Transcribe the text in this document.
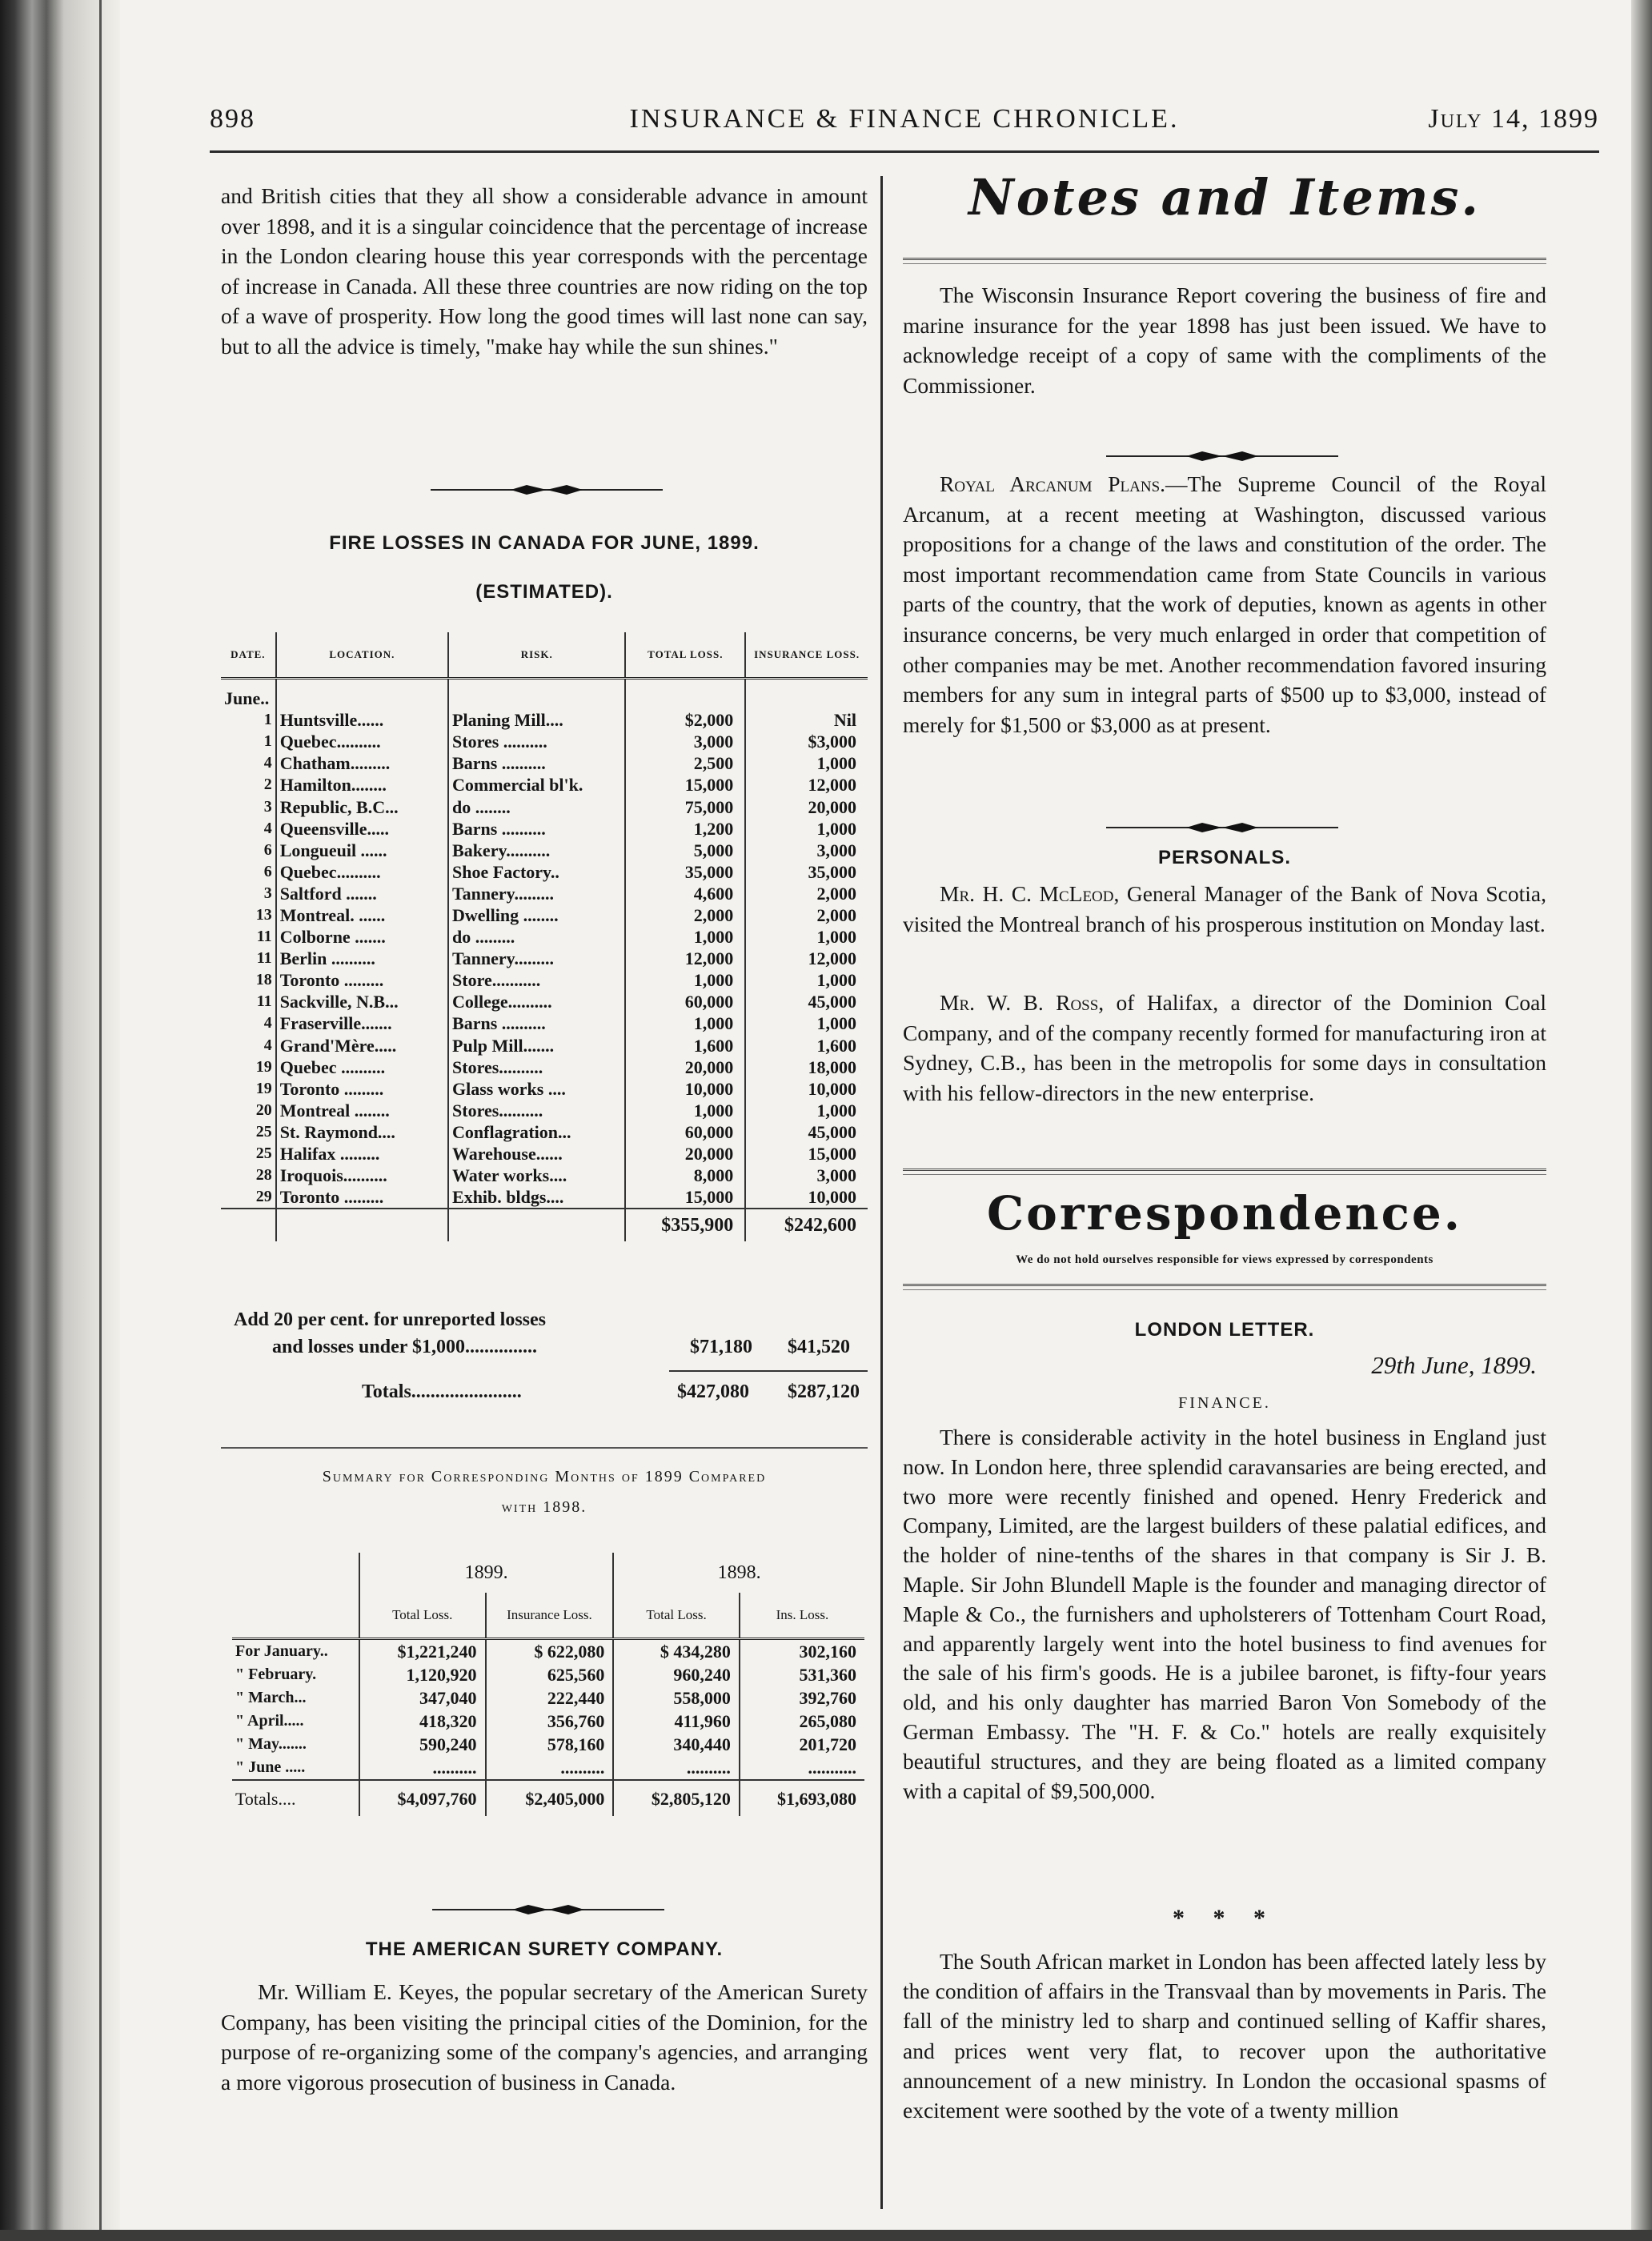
898	INSURANCE & FINANCE CHRONICLE.	July 14, 1899
and British cities that they all show a considerable advance in amount over 1898, and it is a singular coincidence that the percentage of increase in the London clearing house this year corresponds with the percentage of increase in Canada. All these three countries are now riding on the top of a wave of prosperity. How long the good times will last none can say, but to all the advice is timely, "make hay while the sun shines."
FIRE LOSSES IN CANADA FOR JUNE, 1899.
(ESTIMATED).
DATE.	LOCATION.	RISK.	TOTAL LOSS.	INSURANCE LOSS.
June..				
1	Huntsville......	Planing Mill....	$2,000	Nil
1	Quebec..........	Stores ..........	3,000	$3,000
4	Chatham.........	Barns ..........	2,500	1,000
2	Hamilton........	Commercial bl'k.	15,000	12,000
3	Republic, B.C...	do ........	75,000	20,000
4	Queensville.....	Barns ..........	1,200	1,000
6	Longueuil ......	Bakery..........	5,000	3,000
6	Quebec..........	Shoe Factory..	35,000	35,000
3	Saltford .......	Tannery.........	4,600	2,000
13	Montreal. ......	Dwelling ........	2,000	2,000
11	Colborne .......	do .........	1,000	1,000
11	Berlin ..........	Tannery.........	12,000	12,000
18	Toronto .........	Store...........	1,000	1,000
11	Sackville, N.B...	College..........	60,000	45,000
4	Fraserville.......	Barns ..........	1,000	1,000
4	Grand'Mère.....	Pulp Mill.......	1,600	1,600
19	Quebec ..........	Stores..........	20,000	18,000
19	Toronto .........	Glass works ....	10,000	10,000
20	Montreal ........	Stores..........	1,000	1,000
25	St. Raymond....	Conflagration...	60,000	45,000
25	Halifax .........	Warehouse......	20,000	15,000
28	Iroquois..........	Water works....	8,000	3,000
29	Toronto .........	Exhib. bldgs....	15,000	10,000
			$355,900	$242,600
Add 20 per cent. for unreported losses
and losses under $1,000...............	$71,180 $41,520
Totals.......................	$427,080 $287,120
Summary for Corresponding Months of 1899 Compared
with 1898.
	1899.		1898.	
	Total Loss.	Insurance Loss.	Total Loss.	Ins. Loss.
For January..	$1,221,240	$ 622,080	$ 434,280	302,160
" February.	1,120,920	625,560	960,240	531,360
" March...	347,040	222,440	558,000	392,760
" April.....	418,320	356,760	411,960	265,080
" May.......	590,240	578,160	340,440	201,720
" June .....	..........	..........	..........	...........
Totals....	$4,097,760	$2,405,000	$2,805,120	$1,693,080
THE AMERICAN SURETY COMPANY.
Mr. William E. Keyes, the popular secretary of the American Surety Company, has been visiting the principal cities of the Dominion, for the purpose of re-organizing some of the company's agencies, and arranging a more vigorous prosecution of business in Canada.
Notes and Items.
The Wisconsin Insurance Report covering the business of fire and marine insurance for the year 1898 has just been issued. We have to acknowledge receipt of a copy of same with the compliments of the Commissioner.
Royal Arcanum Plans.—The Supreme Council of the Royal Arcanum, at a recent meeting at Washington, discussed various propositions for a change of the laws and constitution of the order. The most important recommendation came from State Councils in various parts of the country, that the work of deputies, known as agents in other insurance concerns, be very much enlarged in order that competition of other companies may be met. Another recommendation favored insuring members for any sum in integral parts of $500 up to $3,000, instead of merely for $1,500 or $3,000 as at present.
PERSONALS.
Mr. H. C. McLeod, General Manager of the Bank of Nova Scotia, visited the Montreal branch of his prosperous institution on Monday last.
Mr. W. B. Ross, of Halifax, a director of the Dominion Coal Company, and of the company recently formed for manufacturing iron at Sydney, C.B., has been in the metropolis for some days in consultation with his fellow-directors in the new enterprise.
Correspondence.
We do not hold ourselves responsible for views expressed by correspondents
LONDON LETTER.
29th June, 1899.
FINANCE.
There is considerable activity in the hotel business in England just now. In London here, three splendid caravansaries are being erected, and two more were recently finished and opened. Henry Frederick and Company, Limited, are the largest builders of these palatial edifices, and the holder of nine-tenths of the shares in that company is Sir J. B. Maple. Sir John Blundell Maple is the founder and managing director of Maple & Co., the furnishers and upholsterers of Tottenham Court Road, and apparently largely went into the hotel business to find avenues for the sale of his firm's goods. He is a jubilee baronet, is fifty-four years old, and his only daughter has married Baron Von Somebody of the German Embassy. The "H. F. & Co." hotels are really exquisitely beautiful structures, and they are being floated as a limited company with a capital of $9,500,000.
* * *
The South African market in London has been affected lately less by the condition of affairs in the Transvaal than by movements in Paris. The fall of the ministry led to sharp and continued selling of Kaffir shares, and prices went very flat, to recover upon the authoritative announcement of a new ministry. In London the occasional spasms of excitement were soothed by the vote of a twenty million
